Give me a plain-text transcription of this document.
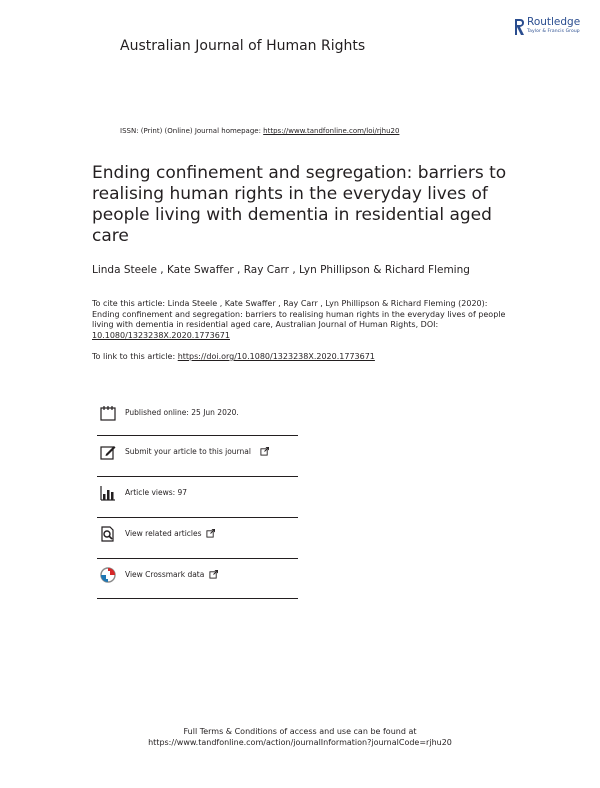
Australian Journal of Human Rights
Routledge
Taylor & Francis Group
ISSN: (Print) (Online) Journal homepage: https://www.tandfonline.com/loi/rjhu20
Ending confinement and segregation: barriers to realising human rights in the everyday lives of people living with dementia in residential aged care
Linda Steele , Kate Swaffer , Ray Carr , Lyn Phillipson & Richard Fleming
To cite this article: Linda Steele , Kate Swaffer , Ray Carr , Lyn Phillipson & Richard Fleming (2020): Ending confinement and segregation: barriers to realising human rights in the everyday lives of people living with dementia in residential aged care, Australian Journal of Human Rights, DOI: 10.1080/1323238X.2020.1773671
To link to this article: https://doi.org/10.1080/1323238X.2020.1773671
Published online: 25 Jun 2020.
Submit your article to this journal
Article views: 97
View related articles
View Crossmark data
Full Terms & Conditions of access and use can be found at
https://www.tandfonline.com/action/journalInformation?journalCode=rjhu20
